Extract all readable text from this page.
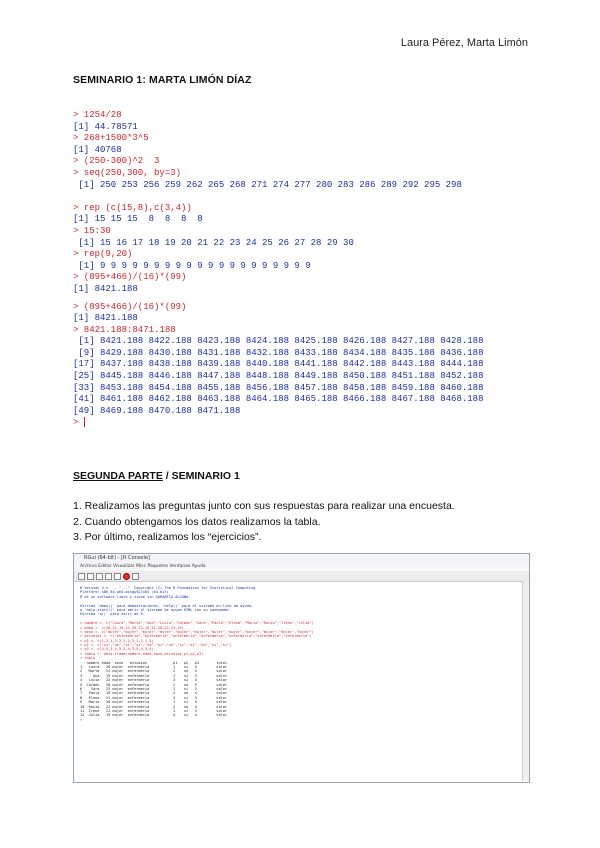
Laura Pérez, Marta Limón
SEMINARIO 1: MARTA LIMÓN DÍAZ
> 1254/28
[1] 44.78571
> 268+1500*3^5
[1] 40768
> (250-300)^2  3
> seq(250,300, by=3)
[1] 250 253 256 259 262 265 268 271 274 277 280 283 286 289 292 295 298

> rep (c(15,8),c(3,4))
[1] 15 15 15  8  8  8  8
> 15:30
[1] 15 16 17 18 19 20 21 22 23 24 25 26 27 28 29 30
> rep(9,20)
[1] 9 9 9 9 9 9 9 9 9 9 9 9 9 9 9 9 9 9 9 9
> (895+466)/(16)*(99)
[1] 8421.188
> (895+466)/(16)*(99)
[1] 8421.188
> 8421.188:8471.188
[1] 8421.188 8422.188 8423.188 8424.188 8425.188 8426.188 8427.188 8428.188
[9] 8429.188 8430.188 8431.188 8432.188 8433.188 8434.188 8435.188 8436.188
[17] 8437.188 8438.188 8439.188 8440.188 8441.188 8442.188 8443.188 8444.188
[25] 8445.188 8446.188 8447.188 8448.188 8449.188 8450.188 8451.188 8452.188
[33] 8453.188 8454.188 8455.188 8456.188 8457.188 8458.188 8459.188 8460.188
[41] 8461.188 8462.188 8463.188 8464.188 8465.188 8466.188 8467.188 8468.188
[49] 8469.188 8470.188 8471.188
>
SEGUNDA PARTE / SEMINARIO 1
1. Realizamos las preguntas junto con sus respuestas para realizar una encuesta.
2. Cuando obtengamos los datos realizamos la tabla.
3. Por último, realizamos los “ejercicios”.
RGui (64-bit) - [R Console]
Archivo Editar Visualizar Misc Paquetes Ventanas Ayuda
R version 3.x  -- "..."  Copyright (C) The R Foundation for Statistical Computing
Platform: x86_64-w64-mingw32/x64 (64-bit)
R es un software libre y viene sin GARANTIA ALGUNA.

Escriba 'demo()' para demostraciones, 'help()' para el sistema on-line de ayuda,
o 'help.start()' para abrir el sistema de ayuda HTML con su navegador.
Escriba 'q()' para salir de R.

> nombre <- c("Laura","Marta","Ana","Lucia","Carmen","Sara","Paula","Elena","Maria","Rocio","Irene","Julia")
> edad <- c(20,21,19,22,20,23,19,21,20,22,21,19)
> sexo <- c("mujer","mujer","mujer","mujer","mujer","mujer","mujer","mujer","mujer","mujer","mujer","mujer")
> estudios <- c("enfermeria","enfermeria","enfermeria","enfermeria","enfermeria","enfermeria","enfermeria")
> p1 <- c(1,2,1,3,2,1,2,3,1,2,1,3)
> p2 <- c("si","no","si","si","no","si","no","si","si","no","si","si")
> p3 <- c(4,5,3,4,5,2,4,3,5,4,3,4)
> tabla <- data.frame(nombre,edad,sexo,estudios,p1,p2,p3)
> tabla
nombre edad  sexo   estudios            p1   p2   p3        total
1   Laura   20 mujer  enfermeria           1    si   4         valor
2   Marta   21 mujer  enfermeria           2    no   5         valor
3     Ana   19 mujer  enfermeria           1    si   3         valor
4   Lucia   22 mujer  enfermeria           3    si   4         valor
5  Carmen   20 mujer  enfermeria           2    no   5         valor
6    Sara   23 mujer  enfermeria           1    si   2         valor
7   Paula   19 mujer  enfermeria           2    no   4         valor
8   Elena   21 mujer  enfermeria           3    si   3         valor
9   Maria   20 mujer  enfermeria           1    si   5         valor
10  Rocio   22 mujer  enfermeria           2    no   4         valor
11  Irene   21 mujer  enfermeria           1    si   3         valor
12  Julia   19 mujer  enfermeria           3    si   4         valor
>
